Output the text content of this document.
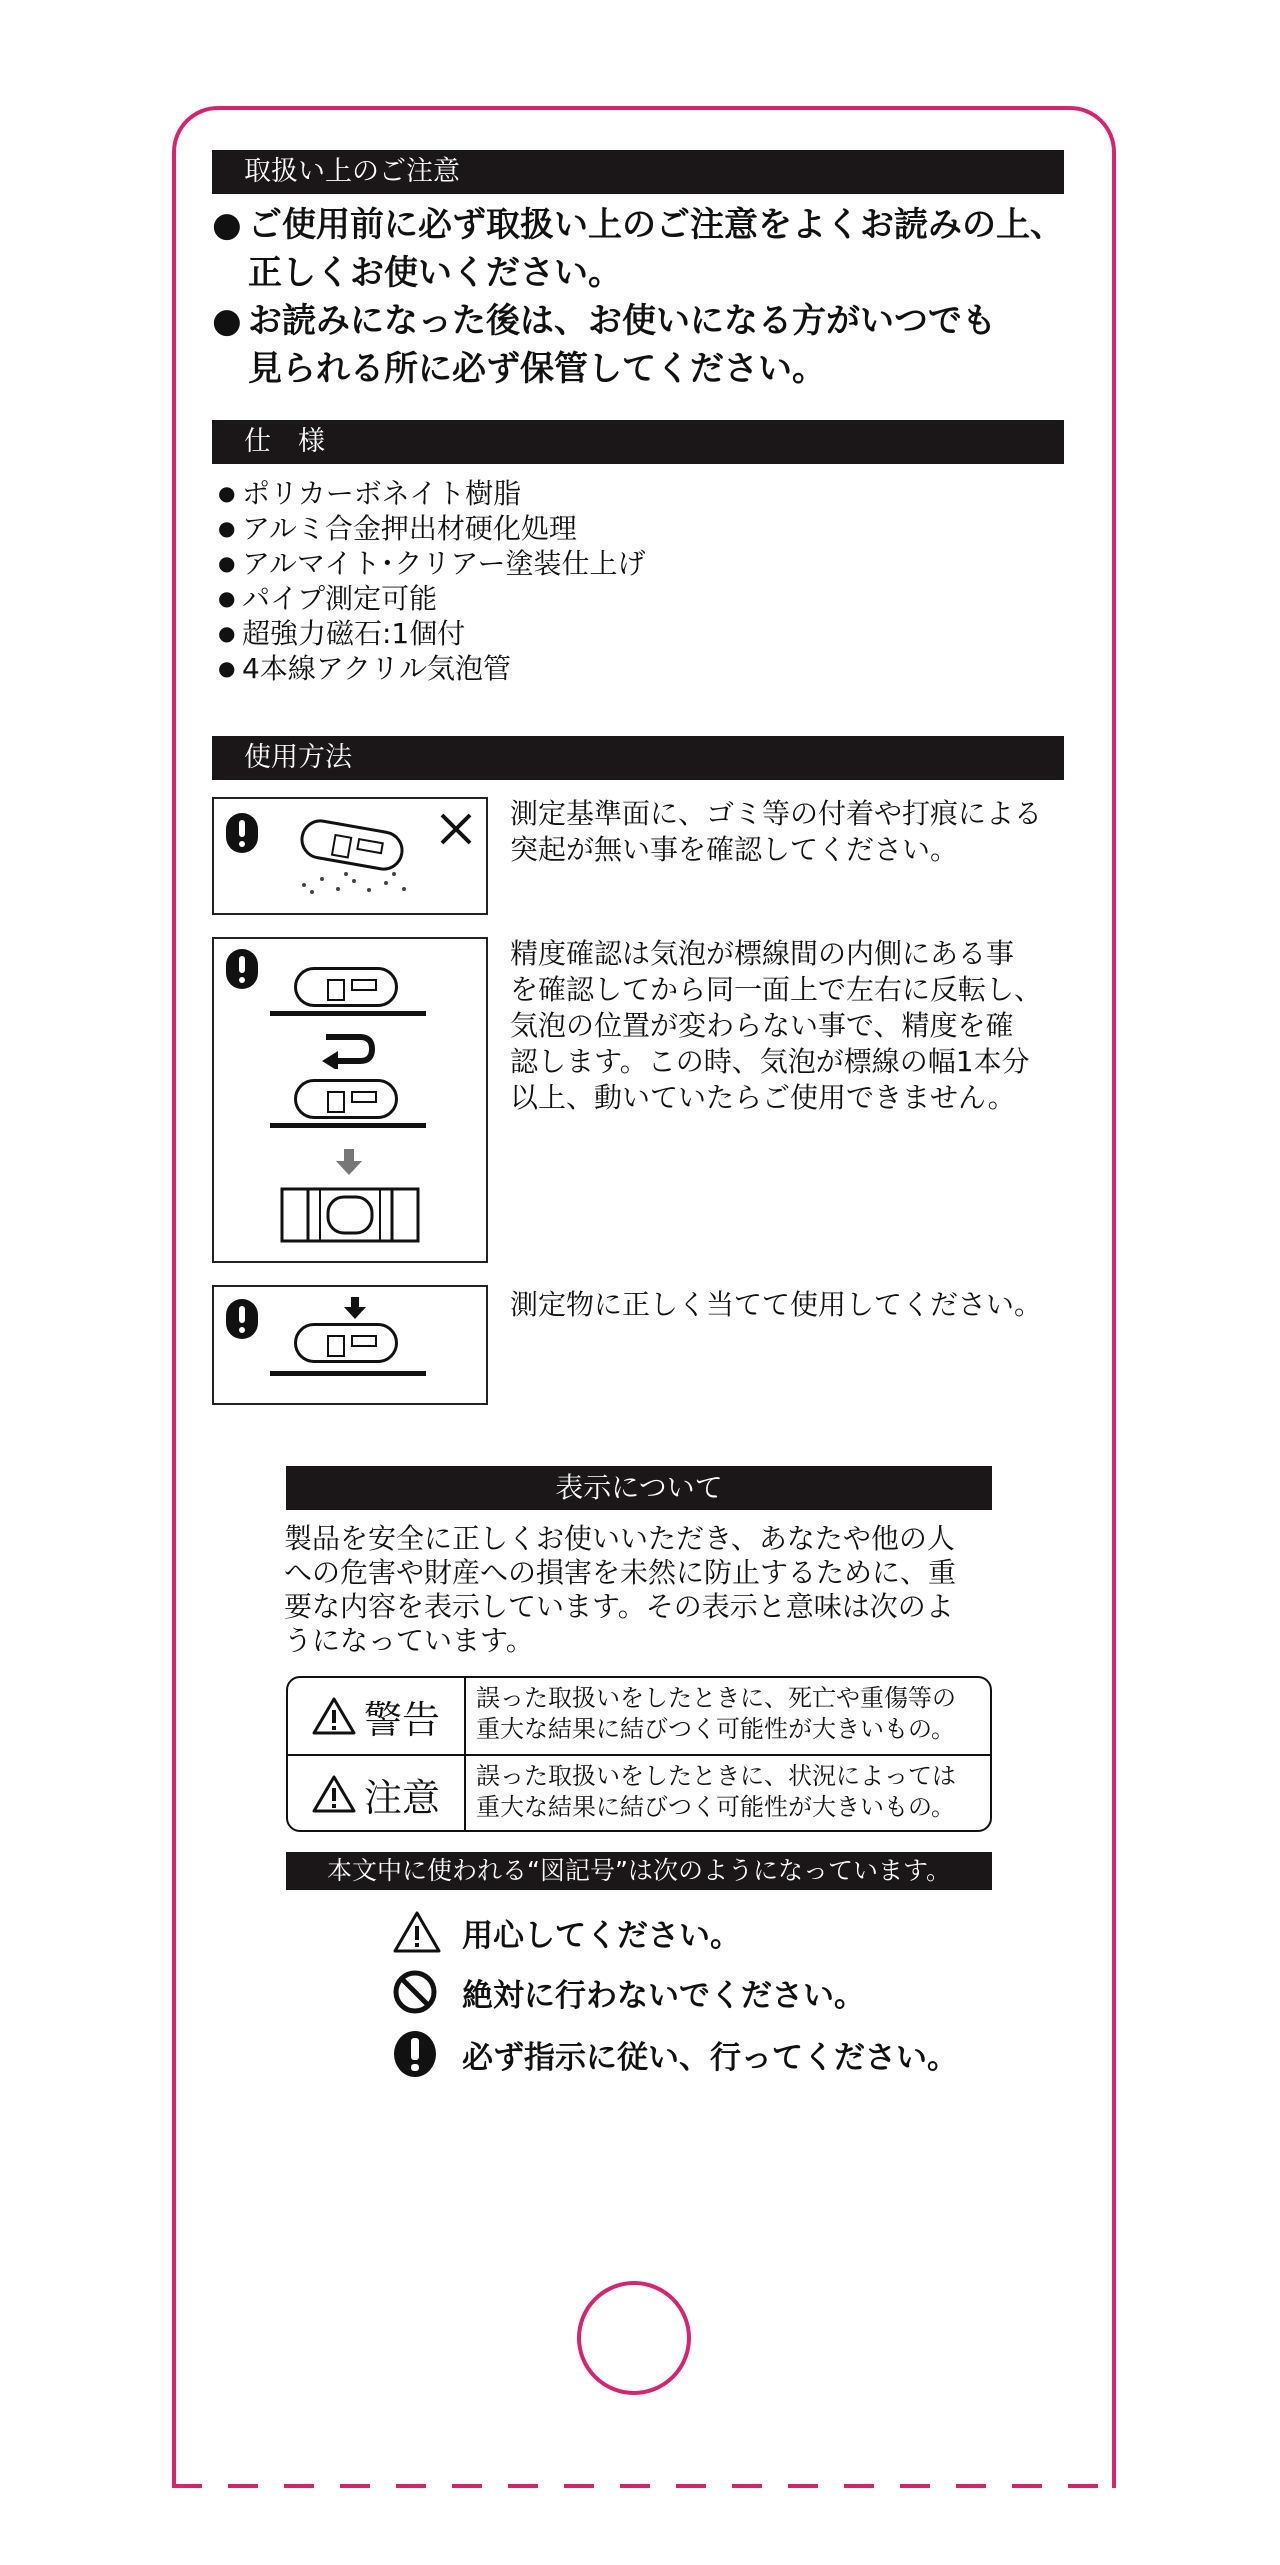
取扱い上のご注意
● ご使用前に必ず取扱い上のご注意をよくお読みの上、
正しくお使いください。
● お読みになった後は、お使いになる方がいつでも
見られる所に必ず保管してください。
仕　様
● ポリカーボネイト樹脂
● アルミ合金押出材硬化処理
● アルマイト･クリアー塗装仕上げ
● パイプ測定可能
● 超強力磁石:1個付
● 4本線アクリル気泡管
使用方法
測定基準面に、ゴミ等の付着や打痕による
突起が無い事を確認してください。
精度確認は気泡が標線間の内側にある事
を確認してから同一面上で左右に反転し、
気泡の位置が変わらない事で、精度を確
認します。この時、気泡が標線の幅1本分
以上、動いていたらご使用できません。
測定物に正しく当てて使用してください。
表示について
製品を安全に正しくお使いいただき、あなたや他の人
への危害や財産への損害を未然に防止するために、重
要な内容を表示しています。その表示と意味は次のよ
うになっています。
警告 誤った取扱いをしたときに、死亡や重傷等の
重大な結果に結びつく可能性が大きいもの。
注意 誤った取扱いをしたときに、状況によっては
重大な結果に結びつく可能性が大きいもの。
本文中に使われる“図記号”は次のようになっています。
用心してください。
絶対に行わないでください。
必ず指示に従い、行ってください。
